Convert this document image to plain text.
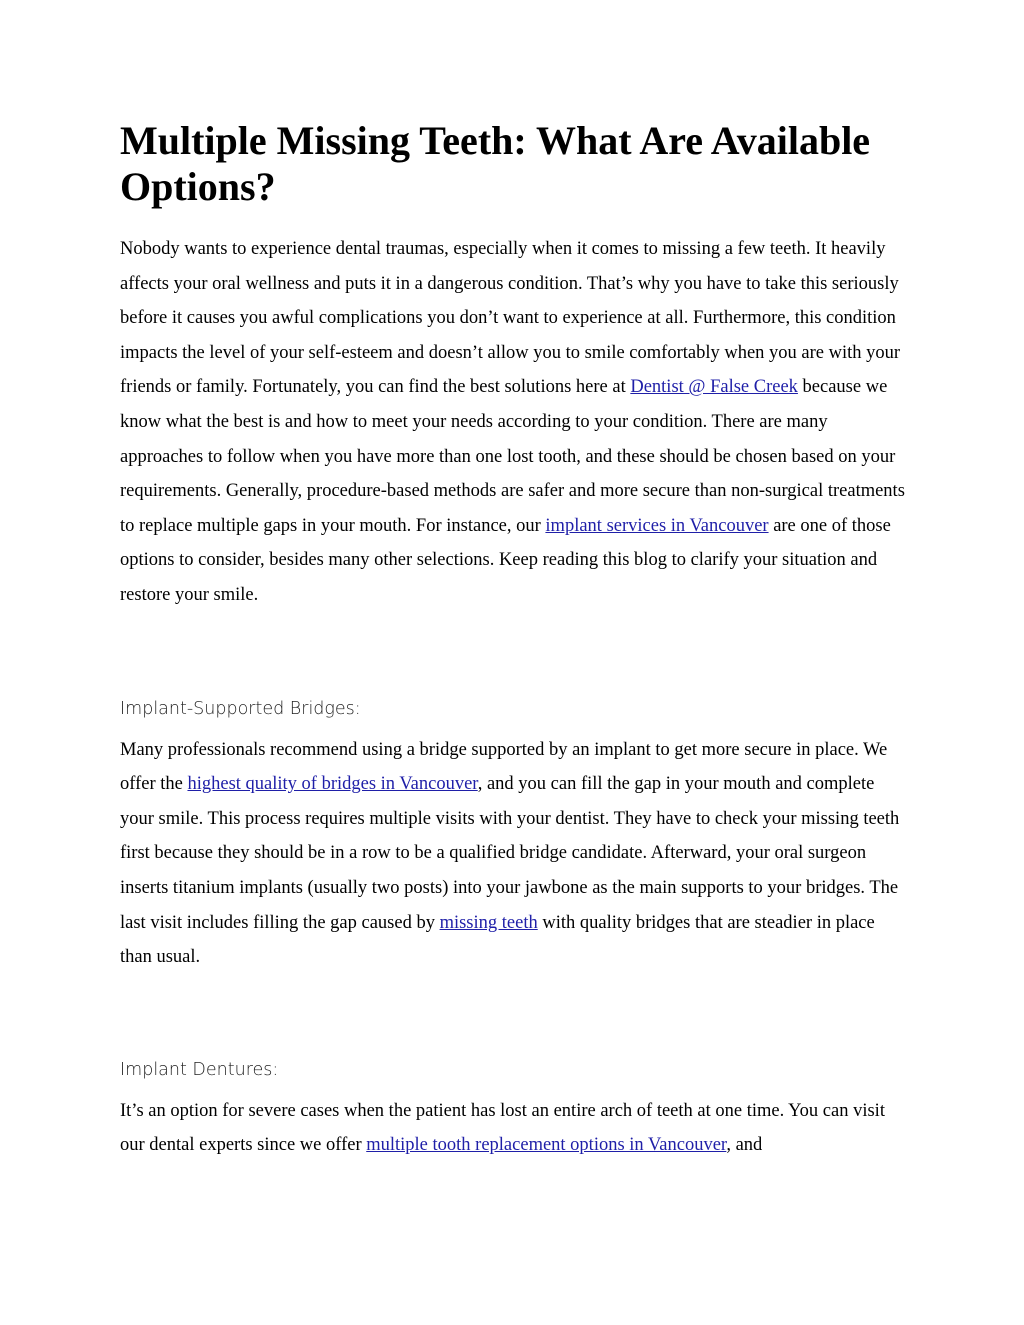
Multiple Missing Teeth: What Are Available Options?

Nobody wants to experience dental traumas, especially when it comes to missing a few teeth. It heavily affects your oral wellness and puts it in a dangerous condition. That’s why you have to take this seriously before it causes you awful complications you don’t want to experience at all. Furthermore, this condition impacts the level of your self-esteem and doesn’t allow you to smile comfortably when you are with your friends or family. Fortunately, you can find the best solutions here at Dentist @ False Creek because we know what the best is and how to meet your needs according to your condition. There are many approaches to follow when you have more than one lost tooth, and these should be chosen based on your requirements. Generally, procedure-based methods are safer and more secure than non-surgical treatments to replace multiple gaps in your mouth. For instance, our implant services in Vancouver are one of those options to consider, besides many other selections. Keep reading this blog to clarify your situation and restore your smile.

Implant-Supported Bridges:

Many professionals recommend using a bridge supported by an implant to get more secure in place. We offer the highest quality of bridges in Vancouver, and you can fill the gap in your mouth and complete your smile. This process requires multiple visits with your dentist. They have to check your missing teeth first because they should be in a row to be a qualified bridge candidate. Afterward, your oral surgeon inserts titanium implants (usually two posts) into your jawbone as the main supports to your bridges. The last visit includes filling the gap caused by missing teeth with quality bridges that are steadier in place than usual.

Implant Dentures:

It’s an option for severe cases when the patient has lost an entire arch of teeth at one time. You can visit our dental experts since we offer multiple tooth replacement options in Vancouver, and
